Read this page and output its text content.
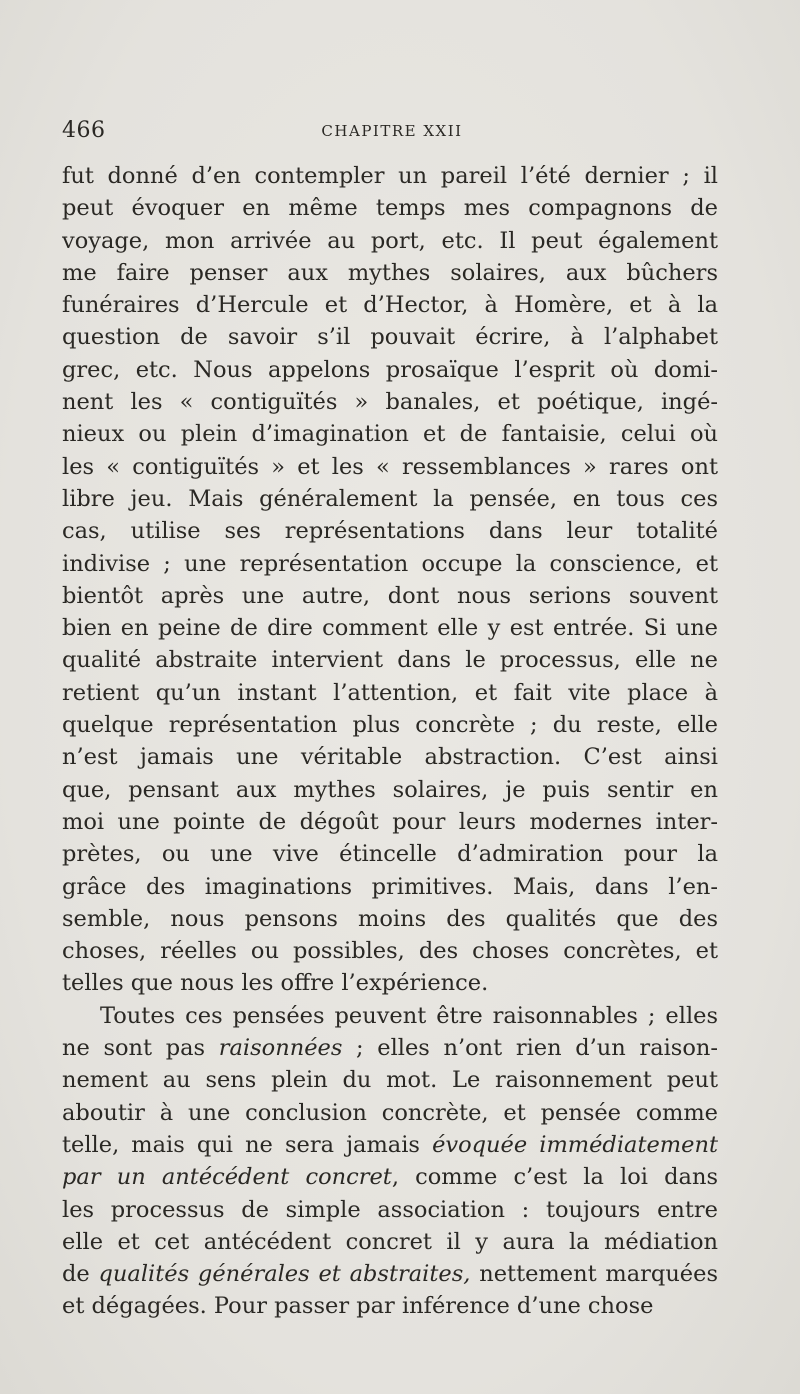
466	CHAPITRE XXII
fut donné d’en contempler un pareil l’été dernier ; il
peut évoquer en même temps mes compagnons de
voyage, mon arrivée au port, etc. Il peut également
me faire penser aux mythes solaires, aux bûchers
funéraires d’Hercule et d’Hector, à Homère, et à la
question de savoir s’il pouvait écrire, à l’alphabet
grec, etc. Nous appelons prosaïque l’esprit où domi-
nent les « contiguïtés » banales, et poétique, ingé-
nieux ou plein d’imagination et de fantaisie, celui où
les « contiguïtés » et les « ressemblances » rares ont
libre jeu. Mais généralement la pensée, en tous ces
cas, utilise ses représentations dans leur totalité
indivise ; une représentation occupe la conscience, et
bientôt après une autre, dont nous serions souvent
bien en peine de dire comment elle y est entrée. Si une
qualité abstraite intervient dans le processus, elle ne
retient qu’un instant l’attention, et fait vite place à
quelque représentation plus concrète ; du reste, elle
n’est jamais une véritable abstraction. C’est ainsi
que, pensant aux mythes solaires, je puis sentir en
moi une pointe de dégoût pour leurs modernes inter-
prètes, ou une vive étincelle d’admiration pour la
grâce des imaginations primitives. Mais, dans l’en-
semble, nous pensons moins des qualités que des
choses, réelles ou possibles, des choses concrètes, et
telles que nous les offre l’expérience.
Toutes ces pensées peuvent être raisonnables ; elles
ne sont pas raisonnées ; elles n’ont rien d’un raison-
nement au sens plein du mot. Le raisonnement peut
aboutir à une conclusion concrète, et pensée comme
telle, mais qui ne sera jamais évoquée immédiatement
par un antécédent concret, comme c’est la loi dans
les processus de simple association : toujours entre
elle et cet antécédent concret il y aura la médiation
de qualités générales et abstraites, nettement marquées
et dégagées. Pour passer par inférence d’une chose
